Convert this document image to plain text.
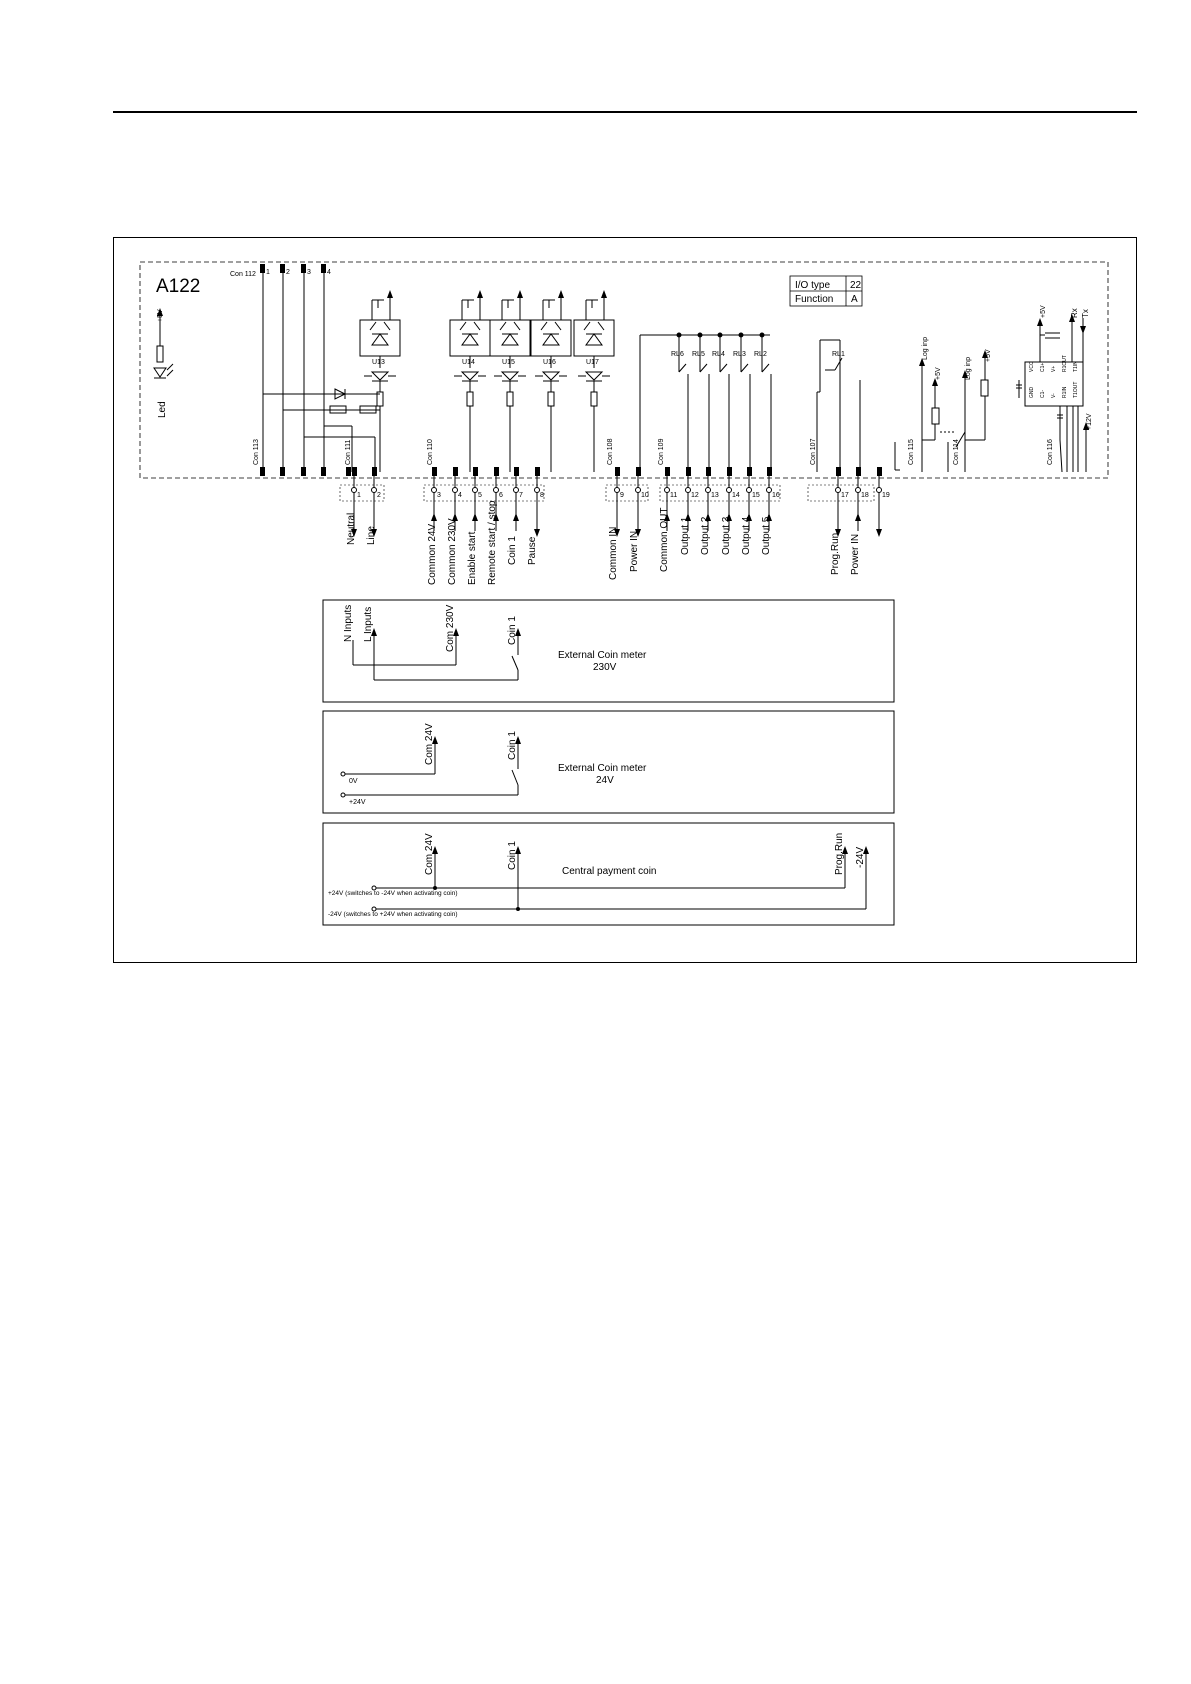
A122	I/O type 22
Function A
Con 112 1 2 3 4
Con 113	Con 111
+5V
Led
U13	U14	U15	U16	U17
RL6 RL5 RL4 RL3 RL2	RL1	Log inp
Log inp
+5V
+5V
Con 115	Con 114
+5V	Rx Tx
+12V
VCC C1+ V+ R1OUT T1IN
GND C1- V- R1IN T1OUT
Con 116
1 2	3 4 5 6 7 8	9 10	11 12 13 14 15 16	17 18 19
Con 110	Con 108	Con 109	Con 107
Neutral Line	Common 24V Common 230V Enable start Remote start / stop Coin 1 Pause	Common IN Power IN Common OUT Output 1 Output 2 Output 3 Output 4 Output 5	Prog.Run Power IN
N Inputs L Inputs	Com 230V	Coin 1
External Coin meter
230V
Com 24V	Coin 1
0V
+24V
External Coin meter
24V
Com 24V	Coin 1	Prog.Run -24V
Central payment coin
+24V (switches to -24V when activating coin)
-24V (switches to +24V when activating coin)
